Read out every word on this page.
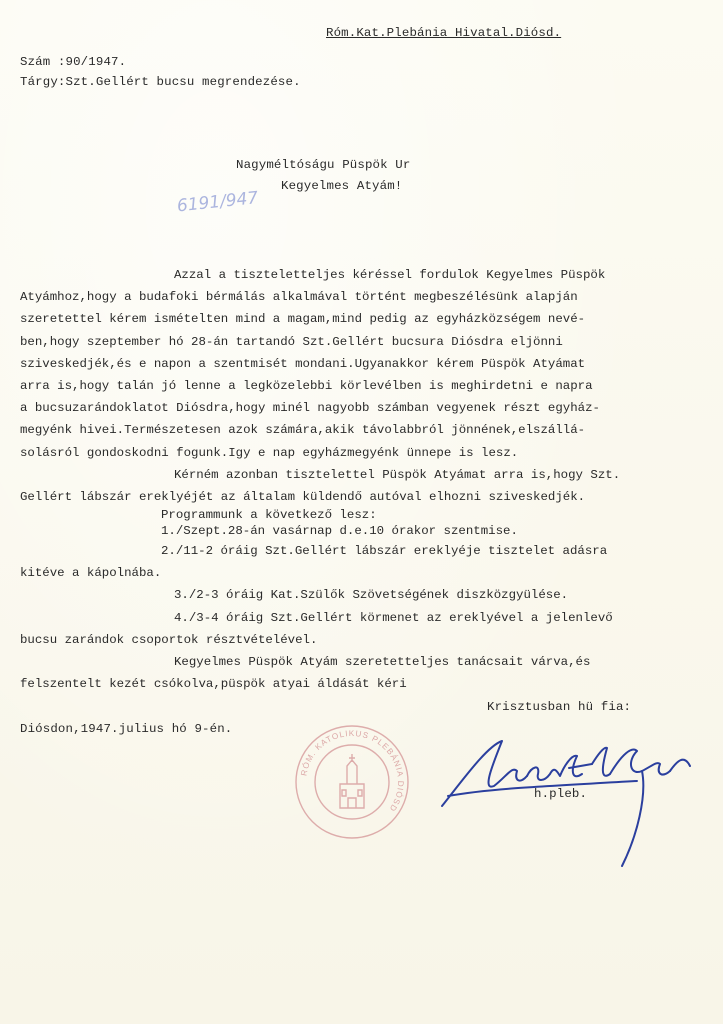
Róm.Kat.Plebánia Hivatal.Diósd.
Szám :90/1947.
Tárgy:Szt.Gellért bucsu megrendezése.
Nagyméltóságu Püspök Ur
Kegyelmes Atyám!
6191/947
Azzal a tiszteletteljes kéréssel fordulok Kegyelmes Püspök
Atyámhoz,hogy a budafoki bérmálás alkalmával történt megbeszélésünk alapján
szeretettel kérem ismételten mind a magam,mind pedig az egyházközségem nevé-
ben,hogy szeptember hó 28-án tartandó Szt.Gellért bucsura Diósdra eljönni
sziveskedjék,és e napon a szentmisét mondani.Ugyanakkor kérem Püspök Atyámat
arra is,hogy talán jó lenne a legközelebbi körlevélben is meghirdetni e napra
a bucsuzarándoklatot Diósdra,hogy minél nagyobb számban vegyenek részt egyház-
megyénk hivei.Természetesen azok számára,akik távolabbról jönnének,elszállá-
solásról gondoskodni fogunk.Igy e nap egyházmegyénk ünnepe is lesz.
Kérném azonban tisztelettel Püspök Atyámat arra is,hogy Szt.
Gellért lábszár ereklyéjét az általam küldendő autóval elhozni sziveskedjék.
Programmunk a következő lesz:
1./Szept.28-án vasárnap d.e.10 órakor szentmise.
2./11-2 óráig Szt.Gellért lábszár ereklyéje tisztelet adásra
kitéve a kápolnába.
3./2-3 óráig Kat.Szülők Szövetségének diszközgyülése.
4./3-4 óráig Szt.Gellért körmenet az ereklyével a jelenlevő
bucsu zarándok csoportok résztvételével.
Kegyelmes Püspök Atyám szeretetteljes tanácsait várva,és
felszentelt kezét csókolva,püspök atyai áldását kéri
Krisztusban hü fia:
Diósdon,1947.julius hó 9-én.
RÓM. KATOLIKUS PLEBÁNIA DIÓSD
h.pleb.
